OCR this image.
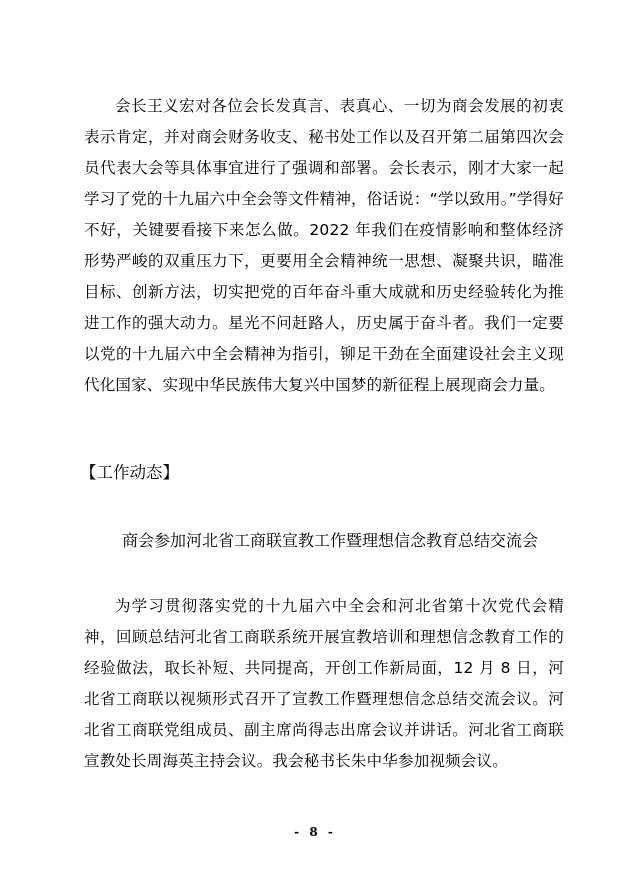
会长王义宏对各位会长发真言、表真心、一切为商会发展的初衷表示肯定，并对商会财务收支、秘书处工作以及召开第二届第四次会员代表大会等具体事宜进行了强调和部署。会长表示，刚才大家一起学习了党的十九届六中全会等文件精神，俗话说：“学以致用。”学得好不好，关键要看接下来怎么做。2022 年我们在疫情影响和整体经济形势严峻的双重压力下，更要用全会精神统一思想、凝聚共识，瞄准目标、创新方法，切实把党的百年奋斗重大成就和历史经验转化为推进工作的强大动力。星光不问赶路人，历史属于奋斗者。我们一定要以党的十九届六中全会精神为指引，铆足干劲在全面建设社会主义现代化国家、实现中华民族伟大复兴中国梦的新征程上展现商会力量。

【工作动态】
商会参加河北省工商联宣教工作暨理想信念教育总结交流会

为学习贯彻落实党的十九届六中全会和河北省第十次党代会精神，回顾总结河北省工商联系统开展宣教培训和理想信念教育工作的经验做法，取长补短、共同提高，开创工作新局面，12 月 8 日，河北省工商联以视频形式召开了宣教工作暨理想信念总结交流会议。河北省工商联党组成员、副主席尚得志出席会议并讲话。河北省工商联宣教处长周海英主持会议。我会秘书长朱中华参加视频会议。

- 8 -
